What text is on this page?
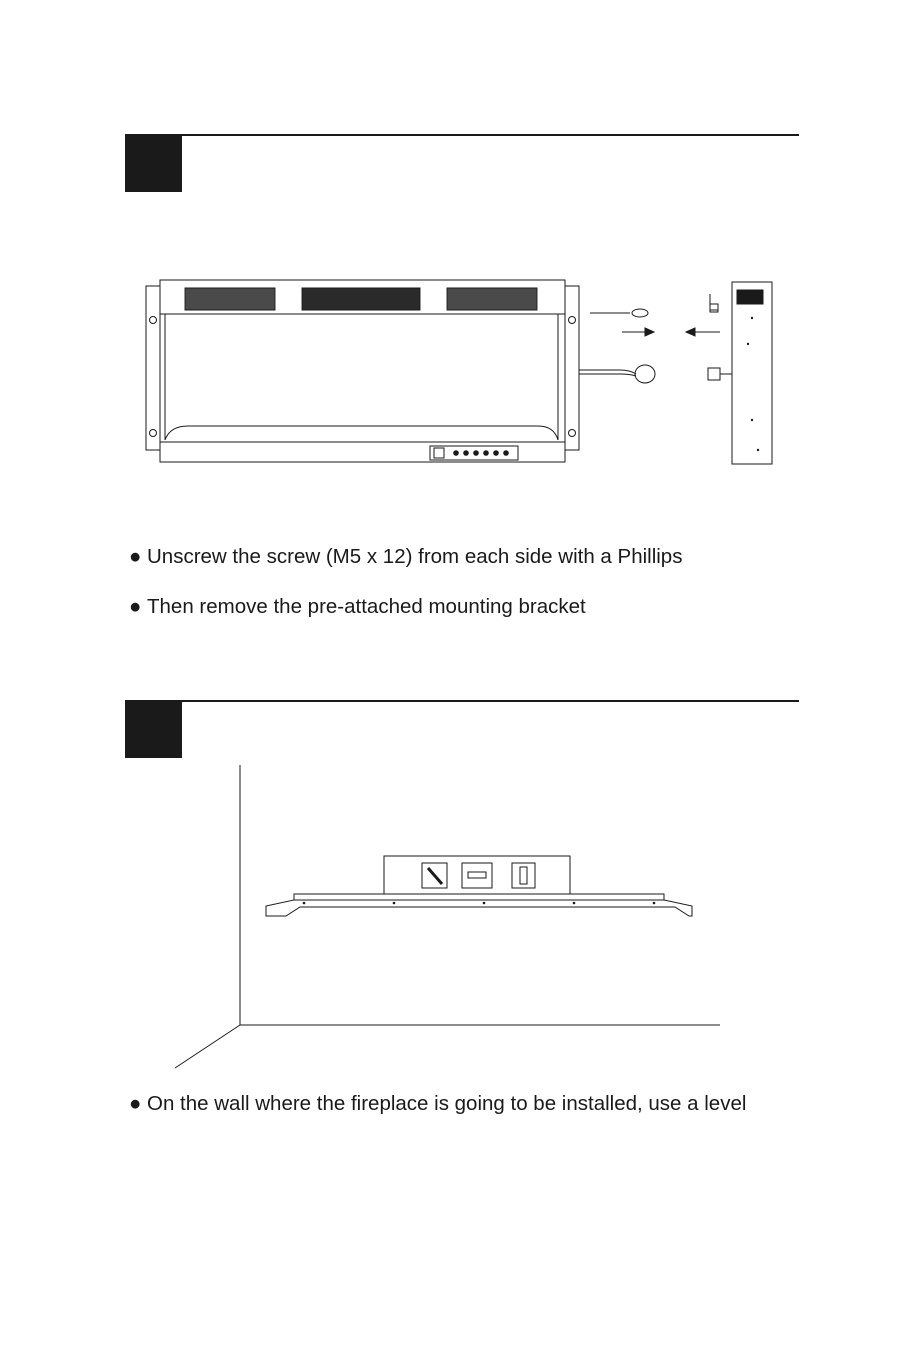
● Unscrew the screw (M5 x 12) from each side with a Phillips
● Then remove the pre-attached mounting bracket
● On the wall where the fireplace is going to be installed, use a level
